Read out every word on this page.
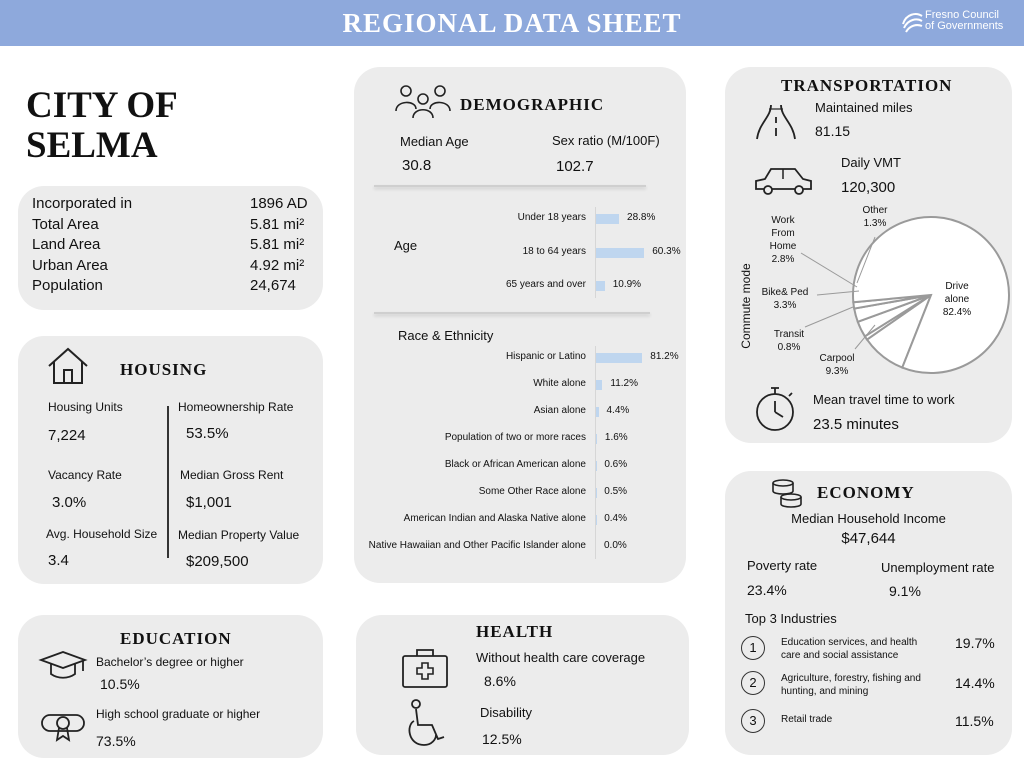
REGIONAL DATA SHEET	Fresno Council
of Governments
CITY OF
SELMA
Incorporated in	1896 AD
Total Area	5.81 mi²
Land Area	5.81 mi²
Urban Area	4.92 mi²
Population	24,674
HOUSING
Housing Units
7,224
Homeownership Rate
53.5%
Vacancy Rate
3.0%
Median Gross Rent
$1,001
Avg. Household Size
3.4
Median Property Value
$209,500
EDUCATION
Bachelor’s degree or higher
10.5%
High school graduate or higher
73.5%
DEMOGRAPHIC
Median Age
30.8
Sex ratio (M/100F)
102.7
Age
Under 18 years	28.8%
18 to 64 years	60.3%
65 years and over	10.9%
Race & Ethnicity
Hispanic or Latino	81.2%
White alone 11.2%
Asian alone 4.4%
Population of two or more races 1.6%
Black or African American alone 0.6%
Some Other Race alone 0.5%
American Indian and Alaska Native alone 0.4%
Native Hawaiian and Other Pacific Islander alone 0.0%
HEALTH
Without health care coverage
8.6%
Disability
12.5%
TRANSPORTATION
Maintained miles
81.15
Daily VMT
120,300
Commute mode	Drive alone 82.4%
Carpool 9.3%
Transit 0.8%
Bike& Ped 3.3%
Work From Home 2.8%
Other 1.3%
Mean travel time to work
23.5 minutes
ECONOMY
Median Household Income
$47,644
Poverty rate
23.4%
Unemployment rate
9.1%
Top 3 Industries
1	Education services, and health
care and social assistance
19.7%
2	Agriculture, forestry, fishing and
hunting, and mining
14.4%
3	Retail trade	11.5%
